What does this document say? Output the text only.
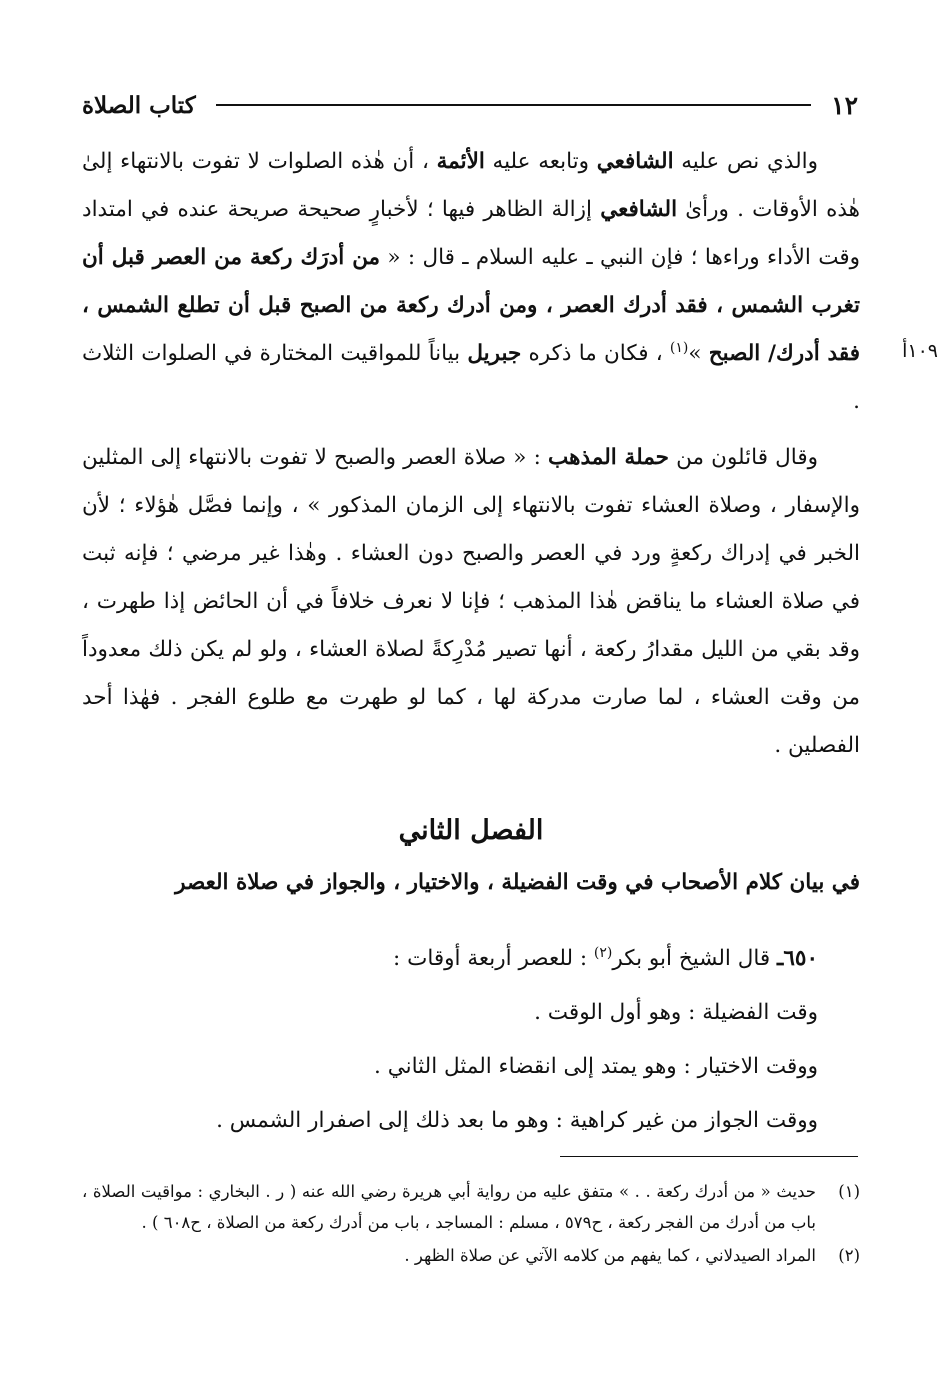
١٢
كتاب الصلاة
١٠٩أ

والذي نص عليه الشافعي وتابعه عليه الأئمة ، أن هٰذه الصلوات لا تفوت بالانتهاء إلىٰ هٰذه الأوقات . ورأىٰ الشافعي إزالة الظاهر فيها ؛ لأخبارٍ صحيحة صريحة عنده في امتداد وقت الأداء وراءها ؛ فإن النبي ـ عليه السلام ـ قال : « من أدرَك ركعة من العصر قبل أن تغرب الشمس ، فقد أدرك العصر ، ومن أدرك ركعة من الصبح قبل أن تطلع الشمس ، فقد أدرك/ الصبح »$^{(١)}$ ، فكان ما ذكره جبريل بياناً للمواقيت المختارة في الصلوات الثلاث .

وقال قائلون من حملة المذهب : « صلاة العصر والصبح لا تفوت بالانتهاء إلى المثلين والإسفار ، وصلاة العشاء تفوت بالانتهاء إلى الزمان المذكور » ، وإنما فصَّل هٰؤلاء ؛ لأن الخبر في إدراك ركعةٍ ورد في العصر والصبح دون العشاء . وهٰذا غير مرضي ؛ فإنه ثبت في صلاة العشاء ما يناقض هٰذا المذهب ؛ فإنا لا نعرف خلافاً في أن الحائض إذا طهرت ، وقد بقي من الليل مقدارُ ركعة ، أنها تصير مُدْرِكةً لصلاة العشاء ، ولو لم يكن ذلك معدوداً من وقت العشاء ، لما صارت مدركة لها ، كما لو طهرت مع طلوع الفجر . فهٰذا أحد الفصلين .

الفصل الثاني
في بيان كلام الأصحاب في وقت الفضيلة ، والاختيار ، والجواز في صلاة العصر

٦٥٠ـ قال الشيخ أبو بكر$^{(٢)}$ : للعصر أربعة أوقات :

وقت الفضيلة : وهو أول الوقت .

ووقت الاختيار : وهو يمتد إلى انقضاء المثل الثاني .

ووقت الجواز من غير كراهية : وهو ما بعد ذلك إلى اصفرار الشمس .

(١)
حديث « من أدرك ركعة . . » متفق عليه من رواية أبي هريرة رضي الله عنه ( ر . البخاري : مواقيت الصلاة ، باب من أدرك من الفجر ركعة ، ح٥٧٩ ، مسلم : المساجد ، باب من أدرك ركعة من الصلاة ، ح٦٠٨ ) .
(٢)
المراد الصيدلاني ، كما يفهم من كلامه الآتي عن صلاة الظهر .
